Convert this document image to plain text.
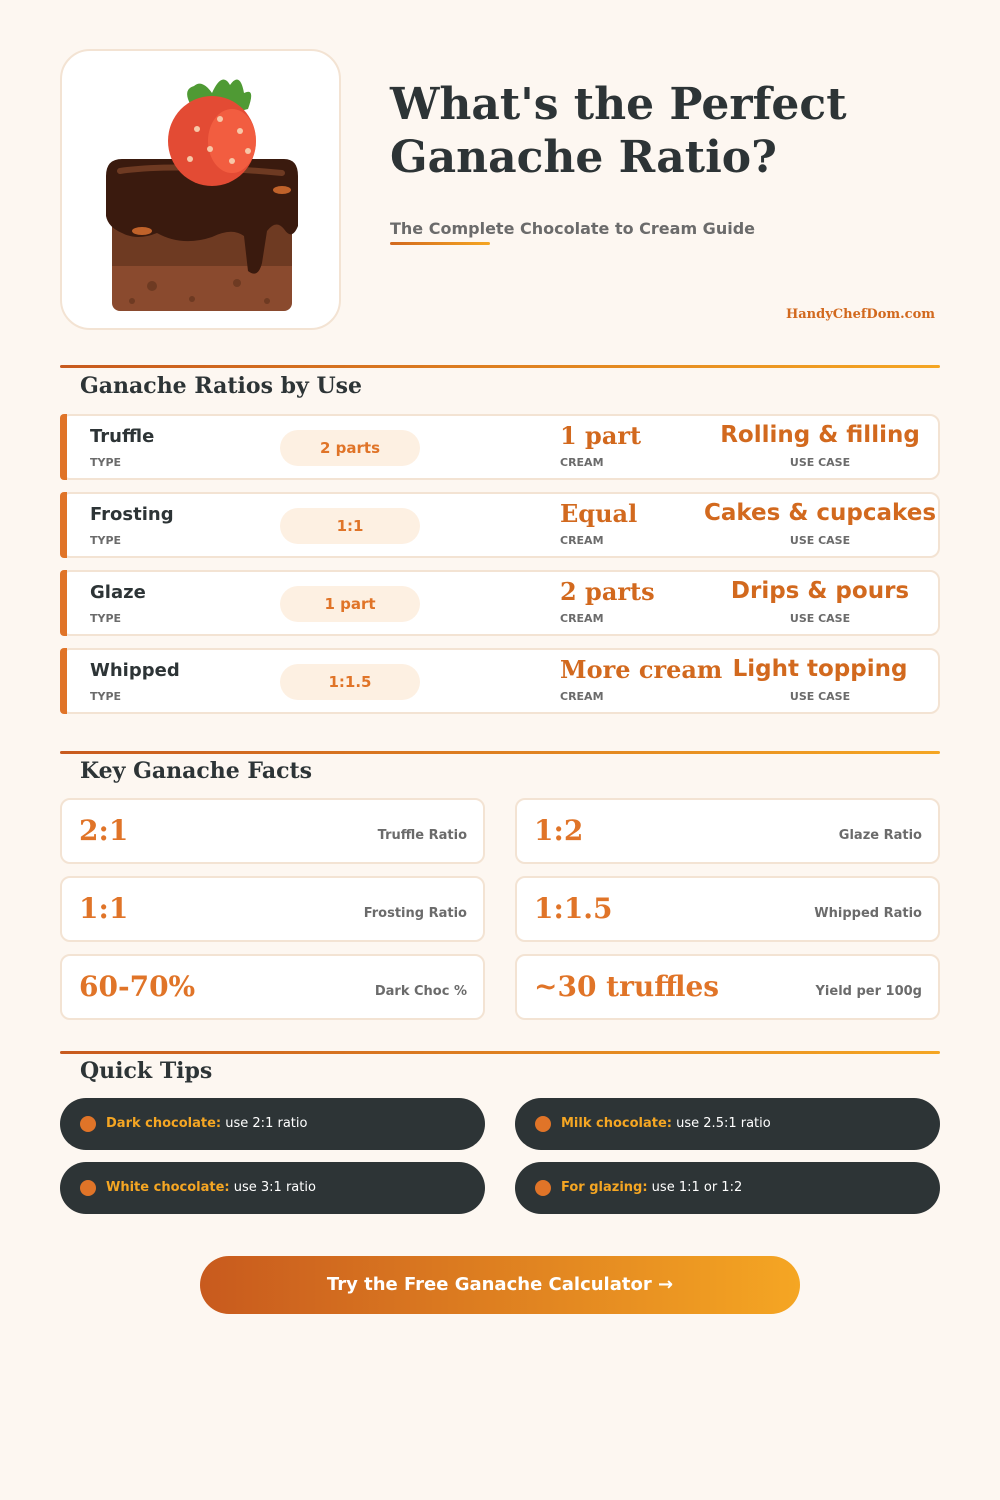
What's the Perfect Ganache Ratio?
The Complete Chocolate to Cream Guide
HandyChefDom.com
Ganache Ratios by Use
Truffle
TYPE
2 parts	1 part
CREAM
Rolling & filling
USE CASE
Frosting
TYPE
1:1	Equal
CREAM
Cakes & cupcakes
USE CASE
Glaze
TYPE
1 part	2 parts
CREAM
Drips & pours
USE CASE
Whipped
TYPE
1:1.5	More cream
CREAM
Light topping
USE CASE
Key Ganache Facts
2:1	Truffle Ratio 1:2	Glaze Ratio
1:1	Frosting Ratio 1:1.5	Whipped Ratio
60-70%	Dark Choc % ~30 truffles	Yield per 100g
Quick Tips
Dark chocolate: use 2:1 ratio	Milk chocolate: use 2.5:1 ratio
White chocolate: use 3:1 ratio	For glazing: use 1:1 or 1:2
Try the Free Ganache Calculator →
